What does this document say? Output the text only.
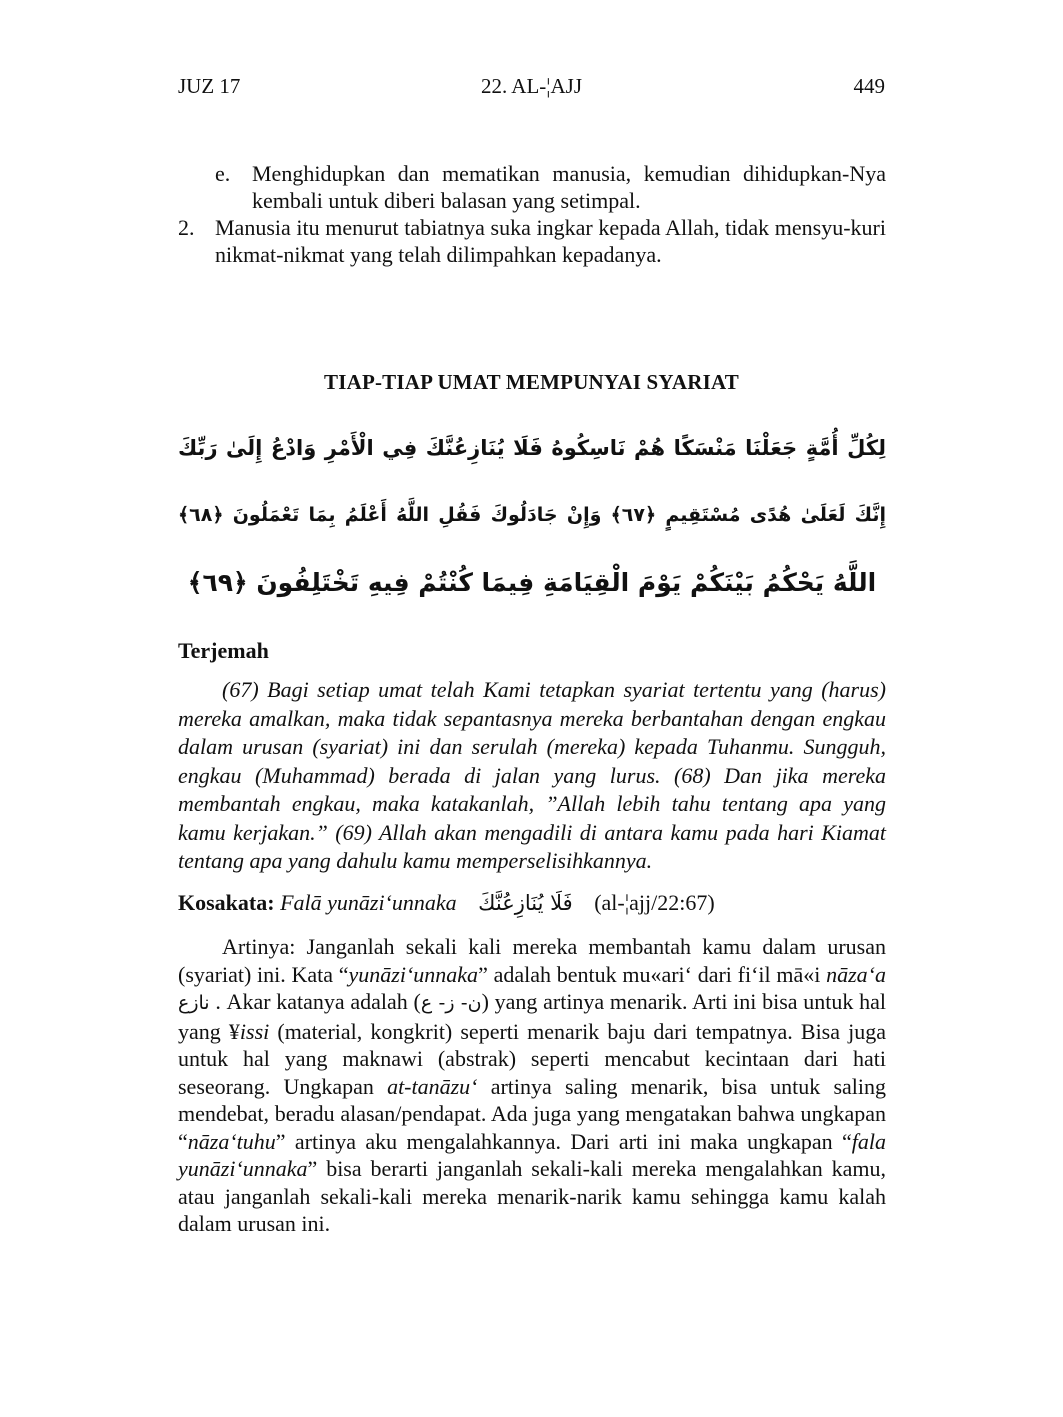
JUZ 17	22. AL-¦AJJ	449
e. Menghidupkan dan mematikan manusia, kemudian dihidupkan-Nya kembali untuk diberi balasan yang setimpal.
2. Manusia itu menurut tabiatnya suka ingkar kepada Allah, tidak mensyu-kuri nikmat-nikmat yang telah dilimpahkan kepadanya.
TIAP-TIAP UMAT MEMPUNYAI SYARIAT
لِكُلِّ أُمَّةٍ جَعَلْنَا مَنْسَكًا هُمْ نَاسِكُوهُ فَلَا يُنَازِعُنَّكَ فِي الْأَمْرِ وَادْعُ إِلَىٰ رَبِّكَ
إِنَّكَ لَعَلَىٰ هُدًى مُسْتَقِيمٍ ﴿٦٧﴾ وَإِنْ جَادَلُوكَ فَقُلِ اللَّهُ أَعْلَمُ بِمَا تَعْمَلُونَ ﴿٦٨﴾
اللَّهُ يَحْكُمُ بَيْنَكُمْ يَوْمَ الْقِيَامَةِ فِيمَا كُنْتُمْ فِيهِ تَخْتَلِفُونَ ﴿٦٩﴾
Terjemah
(67) Bagi setiap umat telah Kami tetapkan syariat tertentu yang (harus) mereka amalkan, maka tidak sepantasnya mereka berbantahan dengan engkau dalam urusan (syariat) ini dan serulah (mereka) kepada Tuhanmu. Sungguh, engkau (Muhammad) berada di jalan yang lurus. (68) Dan jika mereka membantah engkau, maka katakanlah, ”Allah lebih tahu tentang apa yang kamu kerjakan.” (69) Allah akan mengadili di antara kamu pada hari Kiamat tentang apa yang dahulu kamu memperselisihkannya.
Kosakata: Falā yunāzi‘unnaka فَلَا يُنَازِعُنَّكَ (al-¦ajj/22:67)
Artinya: Janganlah sekali kali mereka membantah kamu dalam urusan (syariat) ini. Kata “yunāzi‘unnaka” adalah bentuk mu«ari‘ dari fi‘il mā«i nāza‘a نازع . Akar katanya adalah (ن- ز- ع) yang artinya menarik. Arti ini bisa untuk hal yang ¥issi (material, kongkrit) seperti menarik baju dari tempatnya. Bisa juga untuk hal yang maknawi (abstrak) seperti mencabut kecintaan dari hati seseorang. Ungkapan at-tanāzu‘ artinya saling menarik, bisa untuk saling mendebat, beradu alasan/pendapat. Ada juga yang mengatakan bahwa ungkapan “nāza‘tuhu” artinya aku mengalahkannya. Dari arti ini maka ungkapan “fala yunāzi‘unnaka” bisa berarti janganlah sekali-kali mereka mengalahkan kamu, atau janganlah sekali-kali mereka menarik-narik kamu sehingga kamu kalah dalam urusan ini.
